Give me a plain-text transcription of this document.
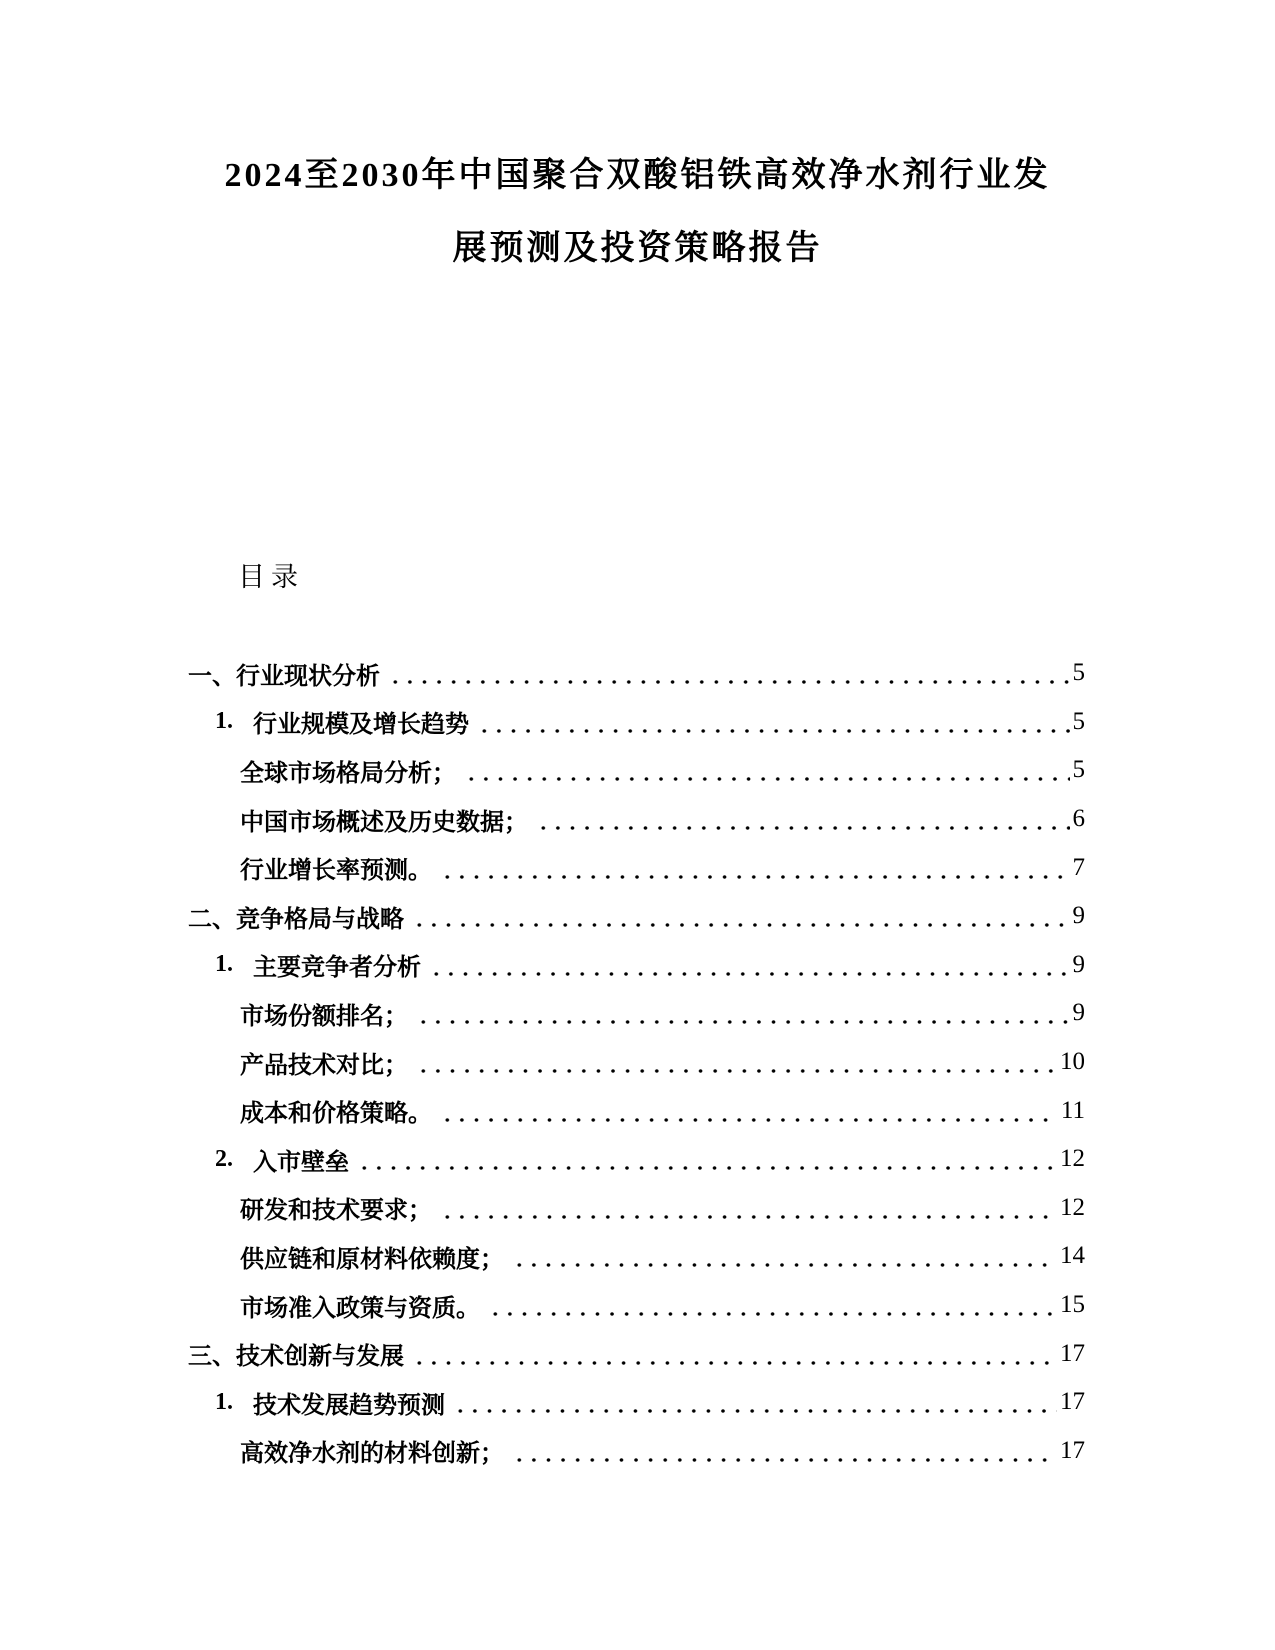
2024至2030年中国聚合双酸铝铁高效净水剂行业发
展预测及投资策略报告
目录
一、 行业现状分析	5
1. 行业规模及增长趋势	5
全球市场格局分析；	5
中国市场概述及历史数据；	6
行业增长率预测。	7
二、 竞争格局与战略	9
1. 主要竞争者分析	9
市场份额排名；	9
产品技术对比；	10
成本和价格策略。	11
2. 入市壁垒	12
研发和技术要求；	12
供应链和原材料依赖度；	14
市场准入政策与资质。	15
三、 技术创新与发展	17
1. 技术发展趋势预测	17
高效净水剂的材料创新；	17
